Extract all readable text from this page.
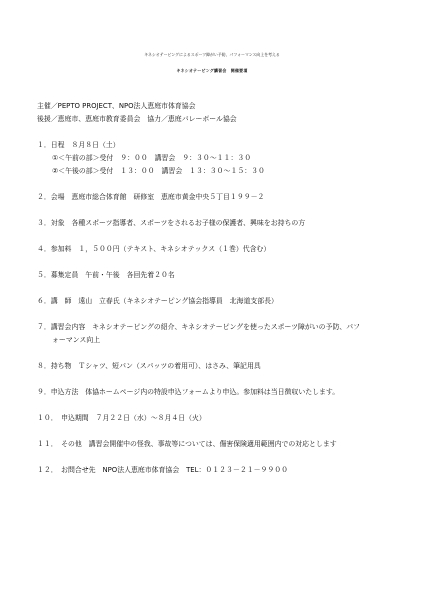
キネシオテーピングによるスポーツ障がい予防、パフォーマンス向上を考える
キネシオテーピング講習会　開催要項
主催／PEPTO PROJECT、NPO法人恵庭市体育協会
後援／恵庭市、恵庭市教育委員会　協力／恵庭バレーボール協会
１．日程　８月８日（土）
①＜午前の部＞受付　９：００　講習会　９：３０～１１：３０
②＜午後の部＞受付　１３：００　講習会　１３：３０～１５：３０
２．会場　恵庭市総合体育館　研修室　恵庭市黄金中央５丁目１９９－２
３．対象　各種スポーツ指導者、スポーツをされるお子様の保護者、興味をお持ちの方
４．参加料　１，５００円（テキスト、キネシオテックス（１巻）代含む）
５．募集定員　午前・午後　各回先着２０名
６．講　師　遠山　立春氏（キネシオテーピング協会指導員　北海道支部長）
７．講習会内容　キネシオテーピングの紹介、キネシオテーピングを使ったスポーツ障がいの予防、パフ
ォーマンス向上
８．持ち物　Ｔシャツ、短パン（スパッツの着用可）、はさみ、筆記用具
９．申込方法　体協ホームページ内の特設申込フォームより申込。参加料は当日徴収いたします。
１０．　申込期間　７月２２日（水）～８月４日（火）
１１．　その他　講習会開催中の怪我、事故等については、傷害保険適用範囲内での対応とします
１２．　お問合せ先　NPO法人恵庭市体育協会　TEL：０１２３－２１－９９００
